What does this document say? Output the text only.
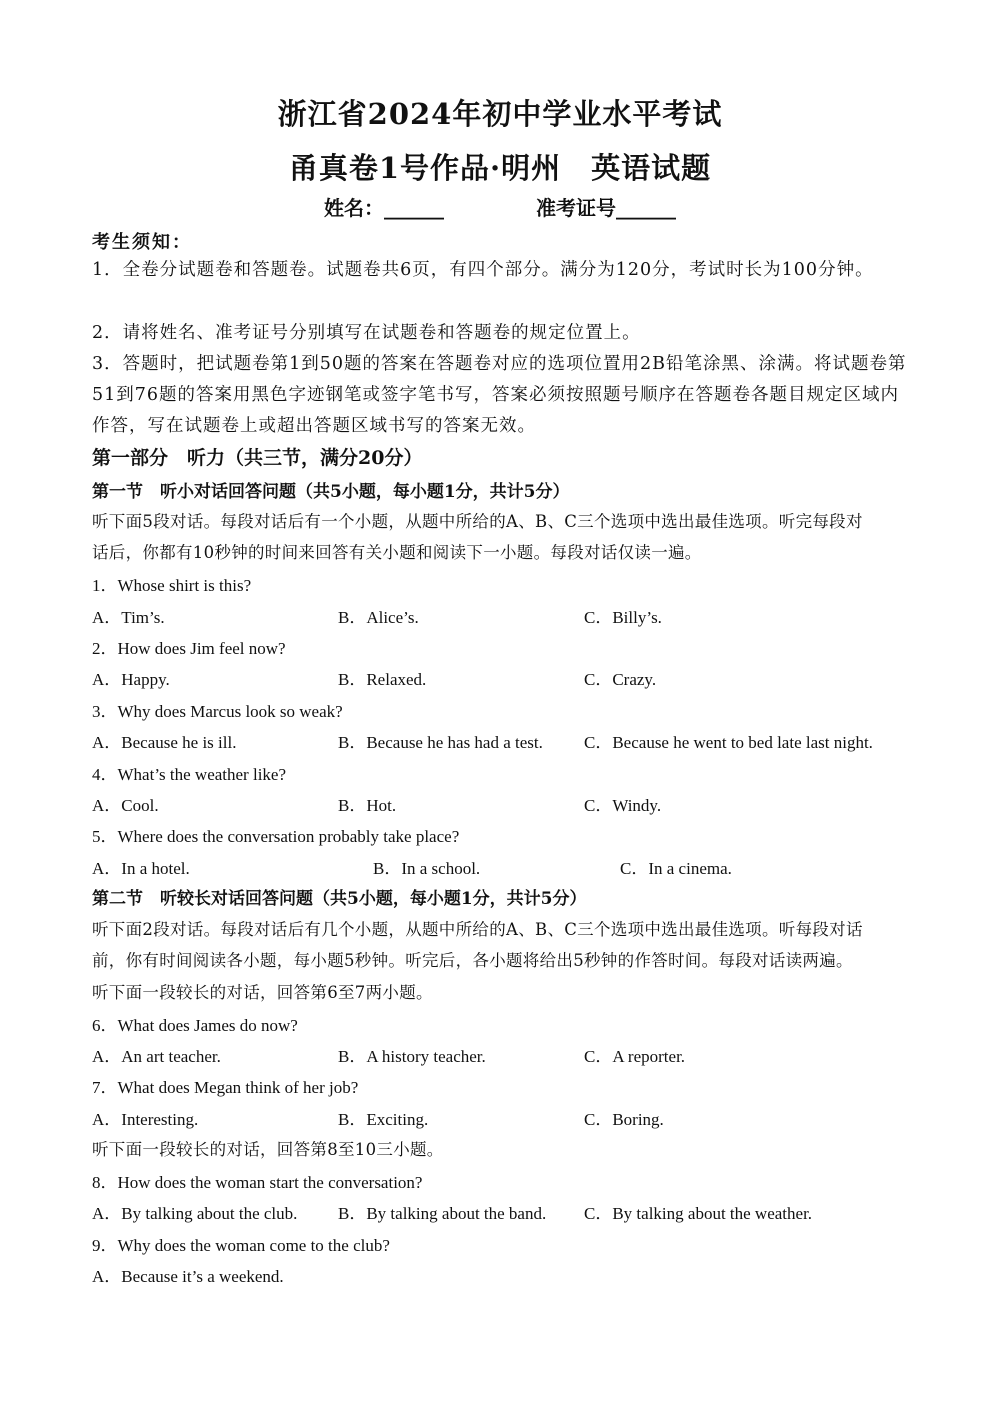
浙江省2024年初中学业水平考试
甬真卷1号作品·明州　英语试题
姓名：______	准考证号______
考生须知：
1．全卷分试题卷和答题卷。试题卷共6页，有四个部分。满分为120分，考试时长为100分钟。
2．请将姓名、准考证号分别填写在试题卷和答题卷的规定位置上。
3．答题时，把试题卷第1到50题的答案在答题卷对应的选项位置用2B铅笔涂黑、涂满。将试题卷第51到76题的答案用黑色字迹钢笔或签字笔书写，答案必须按照题号顺序在答题卷各题目规定区域内作答，写在试题卷上或超出答题区域书写的答案无效。
第一部分　听力（共三节，满分20分）
第一节　听小对话回答问题（共5小题，每小题1分，共计5分）
听下面5段对话。每段对话后有一个小题，从题中所给的A、B、C三个选项中选出最佳选项。听完每段对
话后，你都有10秒钟的时间来回答有关小题和阅读下一小题。每段对话仅读一遍。
1．Whose shirt is this?
A．Tim’s.	B．Alice’s.	C．Billy’s.
2．How does Jim feel now?
A．Happy.	B．Relaxed.	C．Crazy.
3．Why does Marcus look so weak?
A．Because he is ill.	B．Because he has had a test. C．Because he went to bed late last night.
4．What’s the weather like?
A．Cool.	B．Hot.	C．Windy.
5．Where does the conversation probably take place?
A．In a hotel.	B．In a school.	C．In a cinema.
第二节　听较长对话回答问题（共5小题，每小题1分，共计5分）
听下面2段对话。每段对话后有几个小题，从题中所给的A、B、C三个选项中选出最佳选项。听每段对话
前，你有时间阅读各小题，每小题5秒钟。听完后，各小题将给出5秒钟的作答时间。每段对话读两遍。
听下面一段较长的对话，回答第6至7两小题。
6．What does James do now?
A．An art teacher.	B．A history teacher.	C．A reporter.
7．What does Megan think of her job?
A．Interesting.	B．Exciting.	C．Boring.
听下面一段较长的对话，回答第8至10三小题。
8．How does the woman start the conversation?
A．By talking about the club. B．By talking about the band. C．By talking about the weather.
9．Why does the woman come to the club?
A．Because it’s a weekend.
